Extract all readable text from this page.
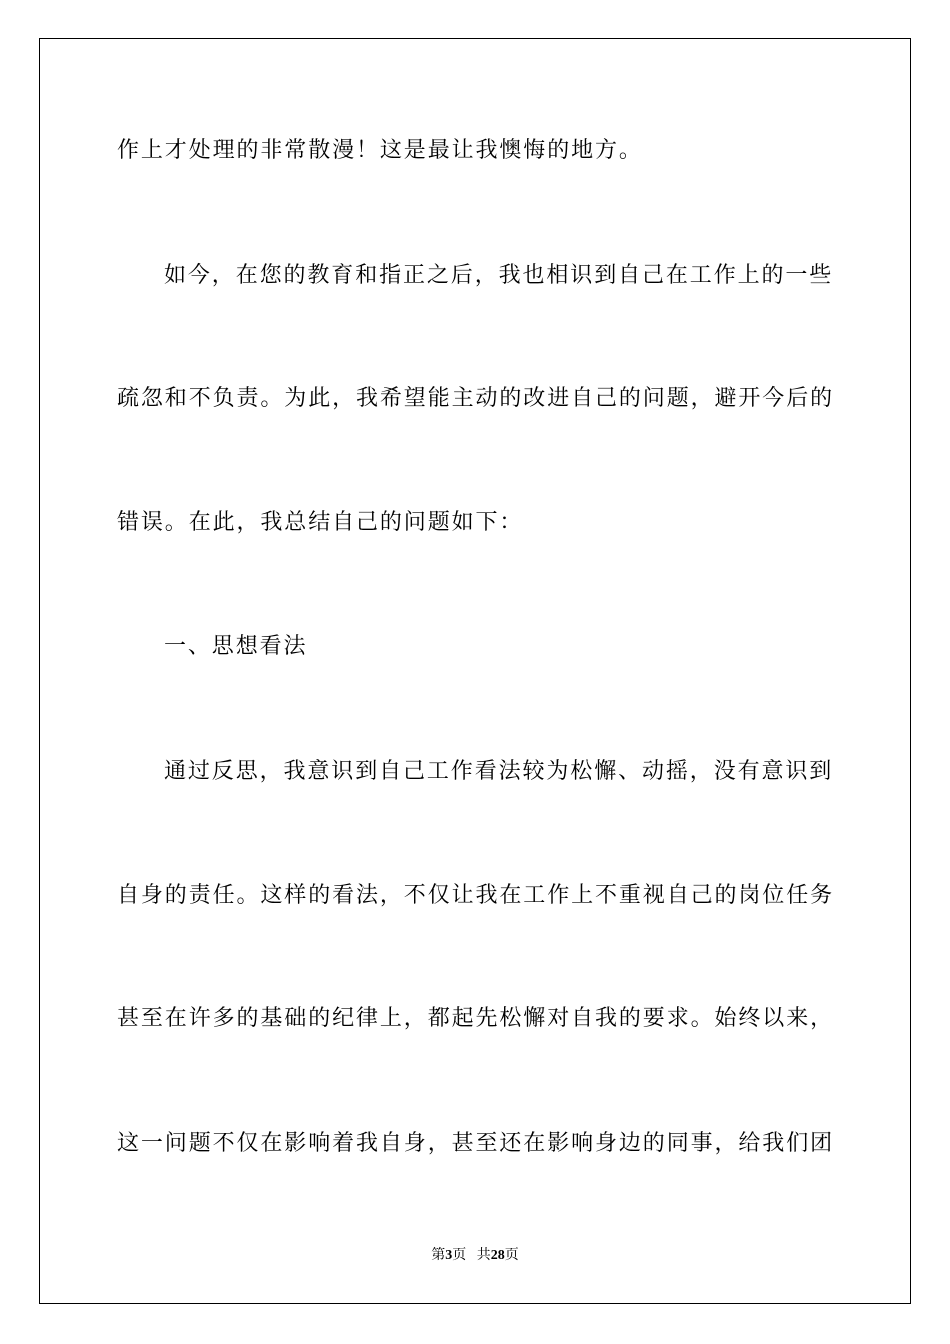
作上才处理的非常散漫！这是最让我懊悔的地方。
如今，在您的教育和指正之后，我也相识到自己在工作上的一些
疏忽和不负责。为此，我希望能主动的改进自己的问题，避开今后的
错误。在此，我总结自己的问题如下：
一、思想看法
通过反思，我意识到自己工作看法较为松懈、动摇，没有意识到
自身的责任。这样的看法，不仅让我在工作上不重视自己的岗位任务
甚至在许多的基础的纪律上，都起先松懈对自我的要求。始终以来，
这一问题不仅在影响着我自身，甚至还在影响身边的同事，给我们团
第3页 共28页
